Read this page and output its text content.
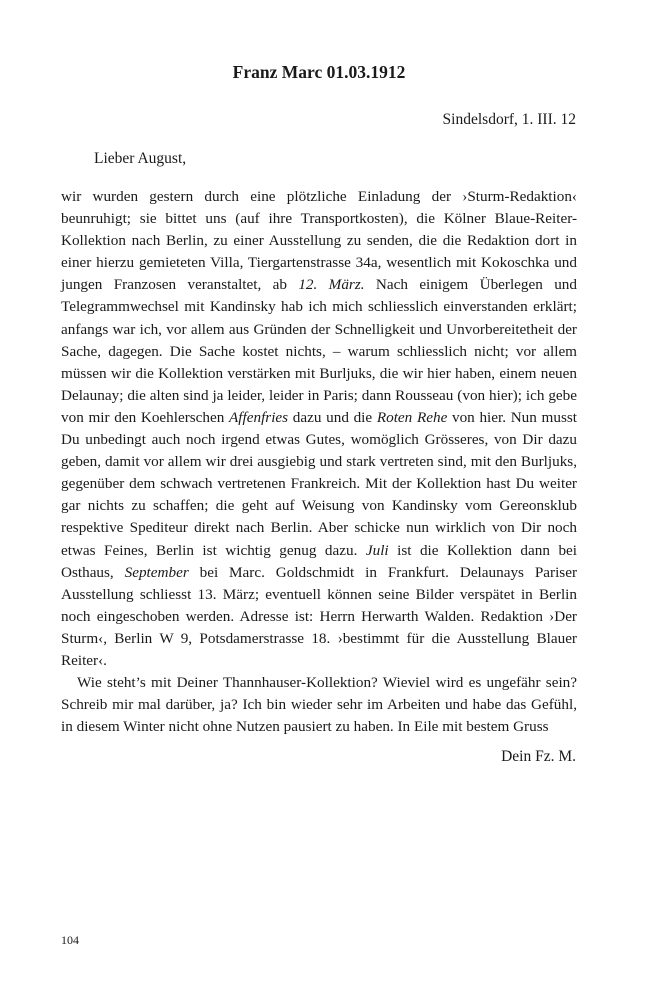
Franz Marc 01.03.1912

Sindelsdorf, 1. III. 12

Lieber August,

wir wurden gestern durch eine plötzliche Einladung der ›Sturm-Redaktion‹ beunruhigt; sie bittet uns (auf ihre Transportkosten), die Kölner Blaue-Reiter-Kollektion nach Berlin, zu einer Ausstellung zu senden, die die Redaktion dort in einer hierzu gemieteten Villa, Tiergartenstrasse 34a, wesentlich mit Kokoschka und jungen Franzosen veranstaltet, ab 12. März. Nach einigem Überlegen und Telegrammwechsel mit Kandinsky hab ich mich schliesslich einverstanden erklärt; anfangs war ich, vor allem aus Gründen der Schnelligkeit und Unvorbereitetheit der Sache, dagegen. Die Sache kostet nichts, – warum schliesslich nicht; vor allem müssen wir die Kollektion verstärken mit Burljuks, die wir hier haben, einem neuen Delaunay; die alten sind ja leider, leider in Paris; dann Rousseau (von hier); ich gebe von mir den Koehlerschen Affenfries dazu und die Roten Rehe von hier. Nun musst Du unbedingt auch noch irgend etwas Gutes, womöglich Grösseres, von Dir dazu geben, damit vor allem wir drei ausgiebig und stark vertreten sind, mit den Burljuks, gegenüber dem schwach vertretenen Frankreich. Mit der Kollektion hast Du weiter gar nichts zu schaffen; die geht auf Weisung von Kandinsky vom Gereonsklub respektive Spediteur direkt nach Berlin. Aber schicke nun wirklich von Dir noch etwas Feines, Berlin ist wichtig genug dazu. Juli ist die Kollektion dann bei Osthaus, September bei Marc. Goldschmidt in Frankfurt. Delaunays Pariser Ausstellung schliesst 13. März; eventuell können seine Bilder verspätet in Berlin noch eingeschoben werden. Adresse ist: Herrn Herwarth Walden. Redaktion ›Der Sturm‹, Berlin W 9, Potsdamerstrasse 18. ›bestimmt für die Ausstellung Blauer Reiter‹.

Wie steht’s mit Deiner Thannhauser-Kollektion? Wieviel wird es ungefähr sein? Schreib mir mal darüber, ja? Ich bin wieder sehr im Arbeiten und habe das Gefühl, in diesem Winter nicht ohne Nutzen pausiert zu haben. In Eile mit bestem Gruss

Dein Fz. M.

104
